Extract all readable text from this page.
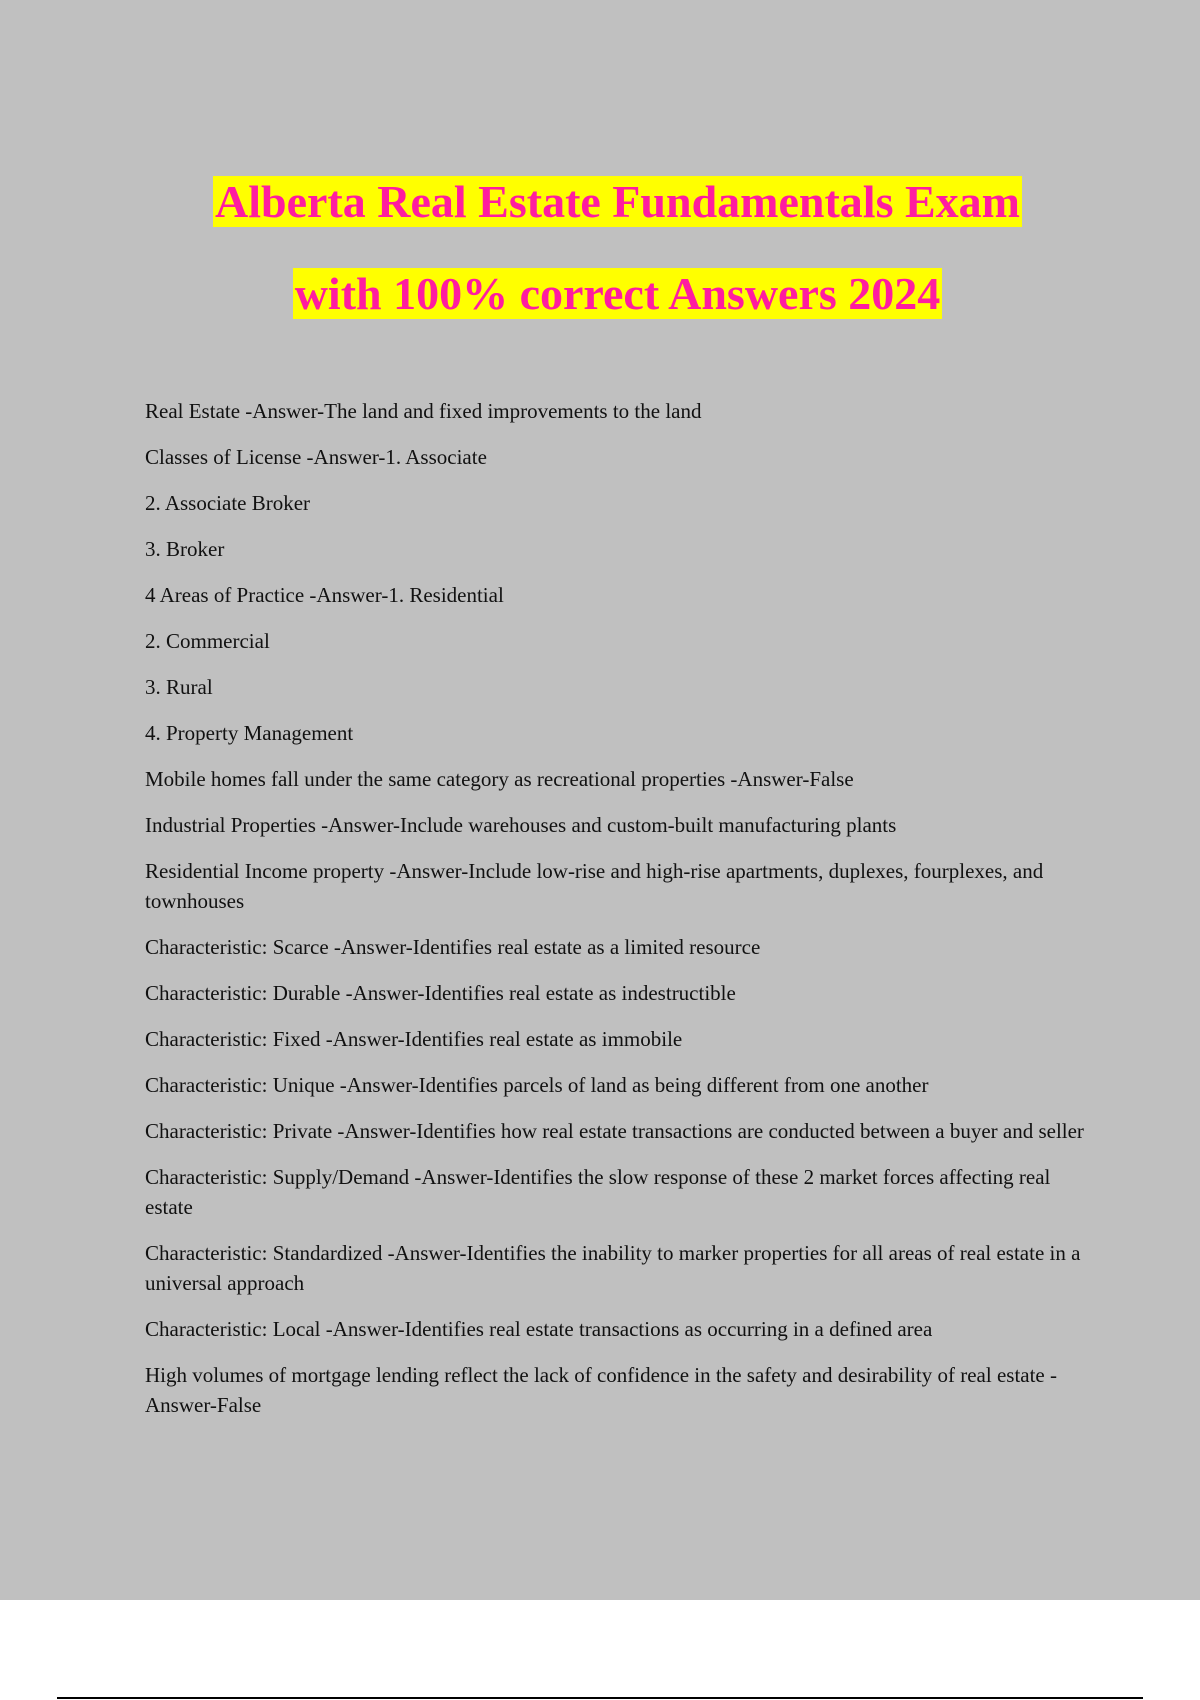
Alberta Real Estate Fundamentals Exam
with 100% correct Answers 2024

Real Estate -Answer-The land and fixed improvements to the land

Classes of License -Answer-1. Associate

2. Associate Broker

3. Broker

4 Areas of Practice -Answer-1. Residential

2. Commercial

3. Rural

4. Property Management

Mobile homes fall under the same category as recreational properties -Answer-False

Industrial Properties -Answer-Include warehouses and custom-built manufacturing plants

Residential Income property -Answer-Include low-rise and high-rise apartments, duplexes, fourplexes, and townhouses

Characteristic: Scarce -Answer-Identifies real estate as a limited resource

Characteristic: Durable -Answer-Identifies real estate as indestructible

Characteristic: Fixed -Answer-Identifies real estate as immobile

Characteristic: Unique -Answer-Identifies parcels of land as being different from one another

Characteristic: Private -Answer-Identifies how real estate transactions are conducted between a buyer and seller

Characteristic: Supply/Demand -Answer-Identifies the slow response of these 2 market forces affecting real estate

Characteristic: Standardized -Answer-Identifies the inability to marker properties for all areas of real estate in a universal approach

Characteristic: Local -Answer-Identifies real estate transactions as occurring in a defined area

High volumes of mortgage lending reflect the lack of confidence in the safety and desirability of real estate -Answer-False
